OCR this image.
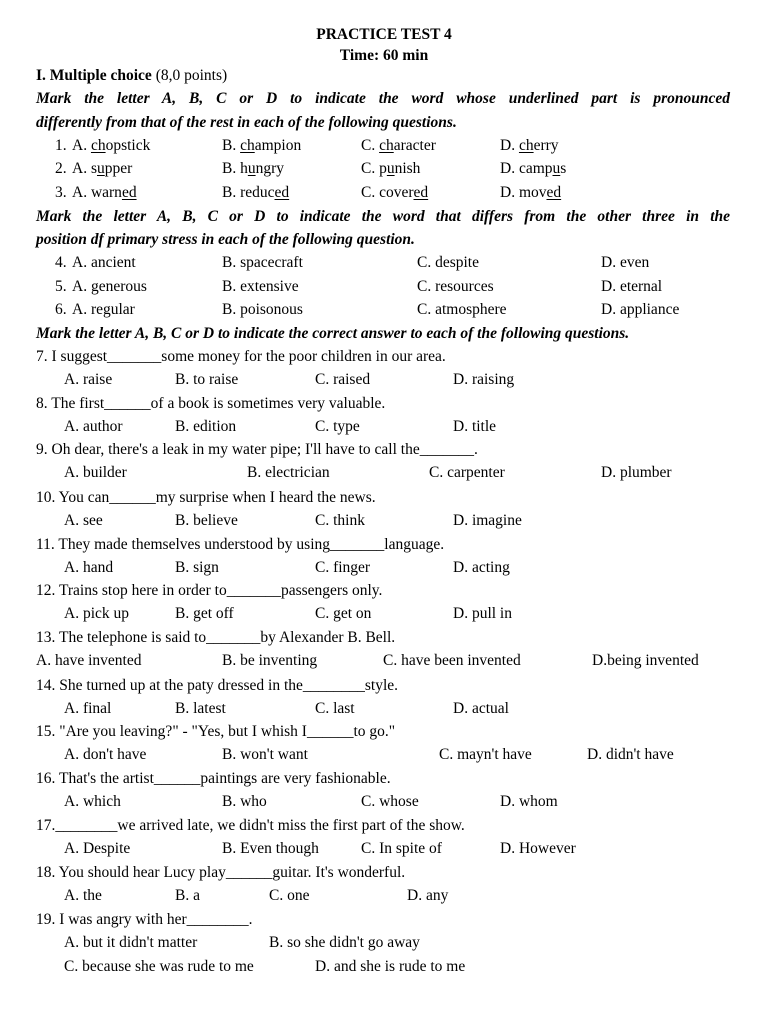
PRACTICE TEST 4
Time: 60 min
I. Multiple choice (8,0 points)
Mark the letter A, B, C or D to indicate the word whose underlined part is pronounced
differently from that of the rest in each of the following questions.
1. A. chopstick	B. champion	C. character	D. cherry
2. A. supper	B. hungry	C. punish	D. campus
3. A. warned	B. reduced	C. covered	D. moved
Mark the letter A, B, C or D to indicate the word that differs from the other three in the
position df primary stress in each of the following question.
4. A. ancient	B. spacecraft	C. despite	D. even
5. A. generous	B. extensive	C. resources	D. eternal
6. A. regular	B. poisonous	C. atmosphere	D. appliance
Mark the letter A, B, C or D to indicate the correct answer to each of the following questions.
7. I suggest_______some money for the poor children in our area.
A. raise	B. to raise	C. raised	D. raising
8. The first______of a book is sometimes very valuable.
A. author	B. edition	C. type	D. title
9. Oh dear, there's a leak in my water pipe; I'll have to call the_______.
A. builder	B. electrician	C. carpenter	D. plumber
10. You can______my surprise when I heard the news.
A. see	B. believe	C. think	D. imagine
11. They made themselves understood by using_______language.
A. hand	B. sign	C. finger	D. acting
12. Trains stop here in order to_______passengers only.
A. pick up	B. get off	C. get on	D. pull in
13. The telephone is said to_______by Alexander B. Bell.
A. have invented	B. be inventing	C. have been invented	D.being invented
14. She turned up at the paty dressed in the________style.
A. final	B. latest	C. last	D. actual
15. "Are you leaving?" - "Yes, but I whish I______to go."
A. don't have	B. won't want	C. mayn't have	D. didn't have
16. That's the artist______paintings are very fashionable.
A. which	B. who	C. whose	D. whom
17.________we arrived late, we didn't miss the first part of the show.
A. Despite	B. Even though	C. In spite of	D. However
18. You should hear Lucy play______guitar. It's wonderful.
A. the	B. a	C. one	D. any
19. I was angry with her________.
A. but it didn't matter	B. so she didn't go away
C. because she was rude to me	D. and she is rude to me
